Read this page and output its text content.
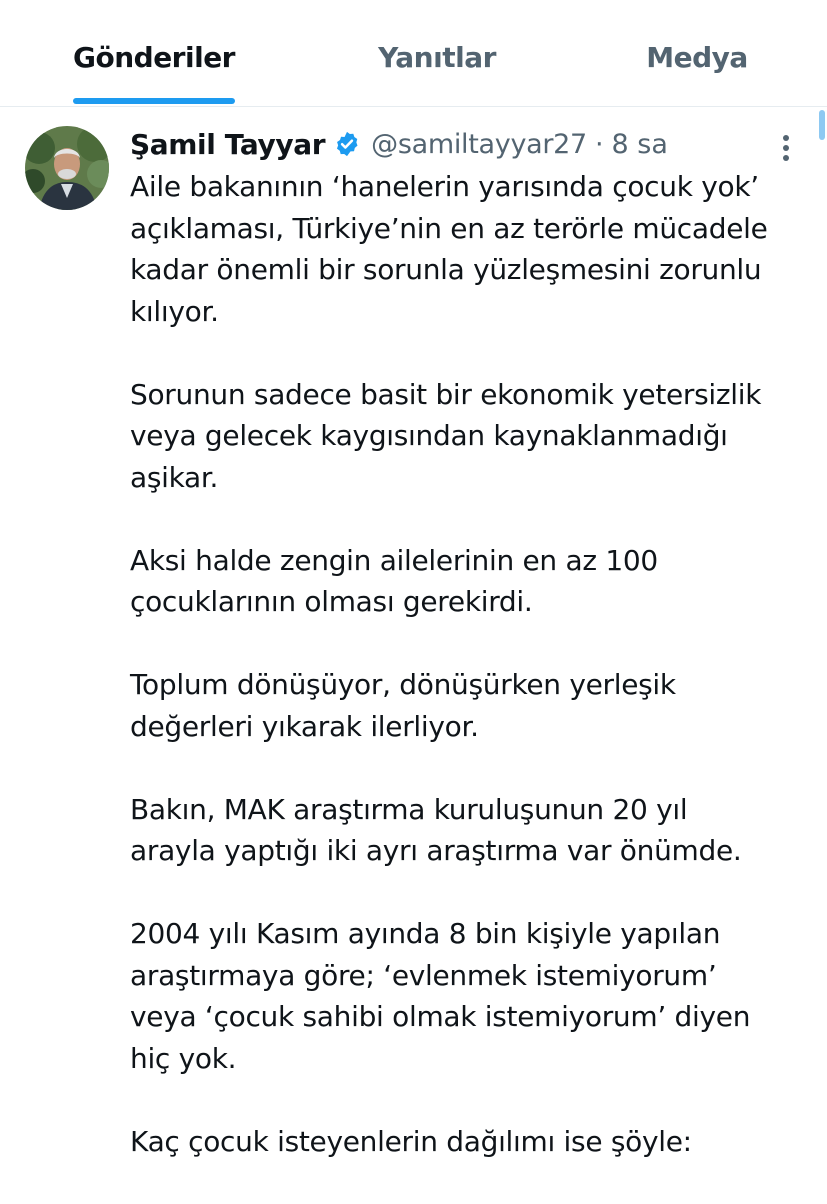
Gönderiler	Yanıtlar	Medya
Şamil Tayyar @samiltayyar27 · 8 sa

Aile bakanının ‘hanelerin yarısında çocuk yok’
açıklaması, Türkiye’nin en az terörle mücadele
kadar önemli bir sorunla yüzleşmesini zorunlu
kılıyor.

Sorunun sadece basit bir ekonomik yetersizlik
veya gelecek kaygısından kaynaklanmadığı
aşikar.

Aksi halde zengin ailelerinin en az 100
çocuklarının olması gerekirdi.

Toplum dönüşüyor, dönüşürken yerleşik
değerleri yıkarak ilerliyor.

Bakın, MAK araştırma kuruluşunun 20 yıl
arayla yaptığı iki ayrı araştırma var önümde.

2004 yılı Kasım ayında 8 bin kişiyle yapılan
araştırmaya göre; ‘evlenmek istemiyorum’
veya ‘çocuk sahibi olmak istemiyorum’ diyen
hiç yok.

Kaç çocuk isteyenlerin dağılımı ise şöyle:
